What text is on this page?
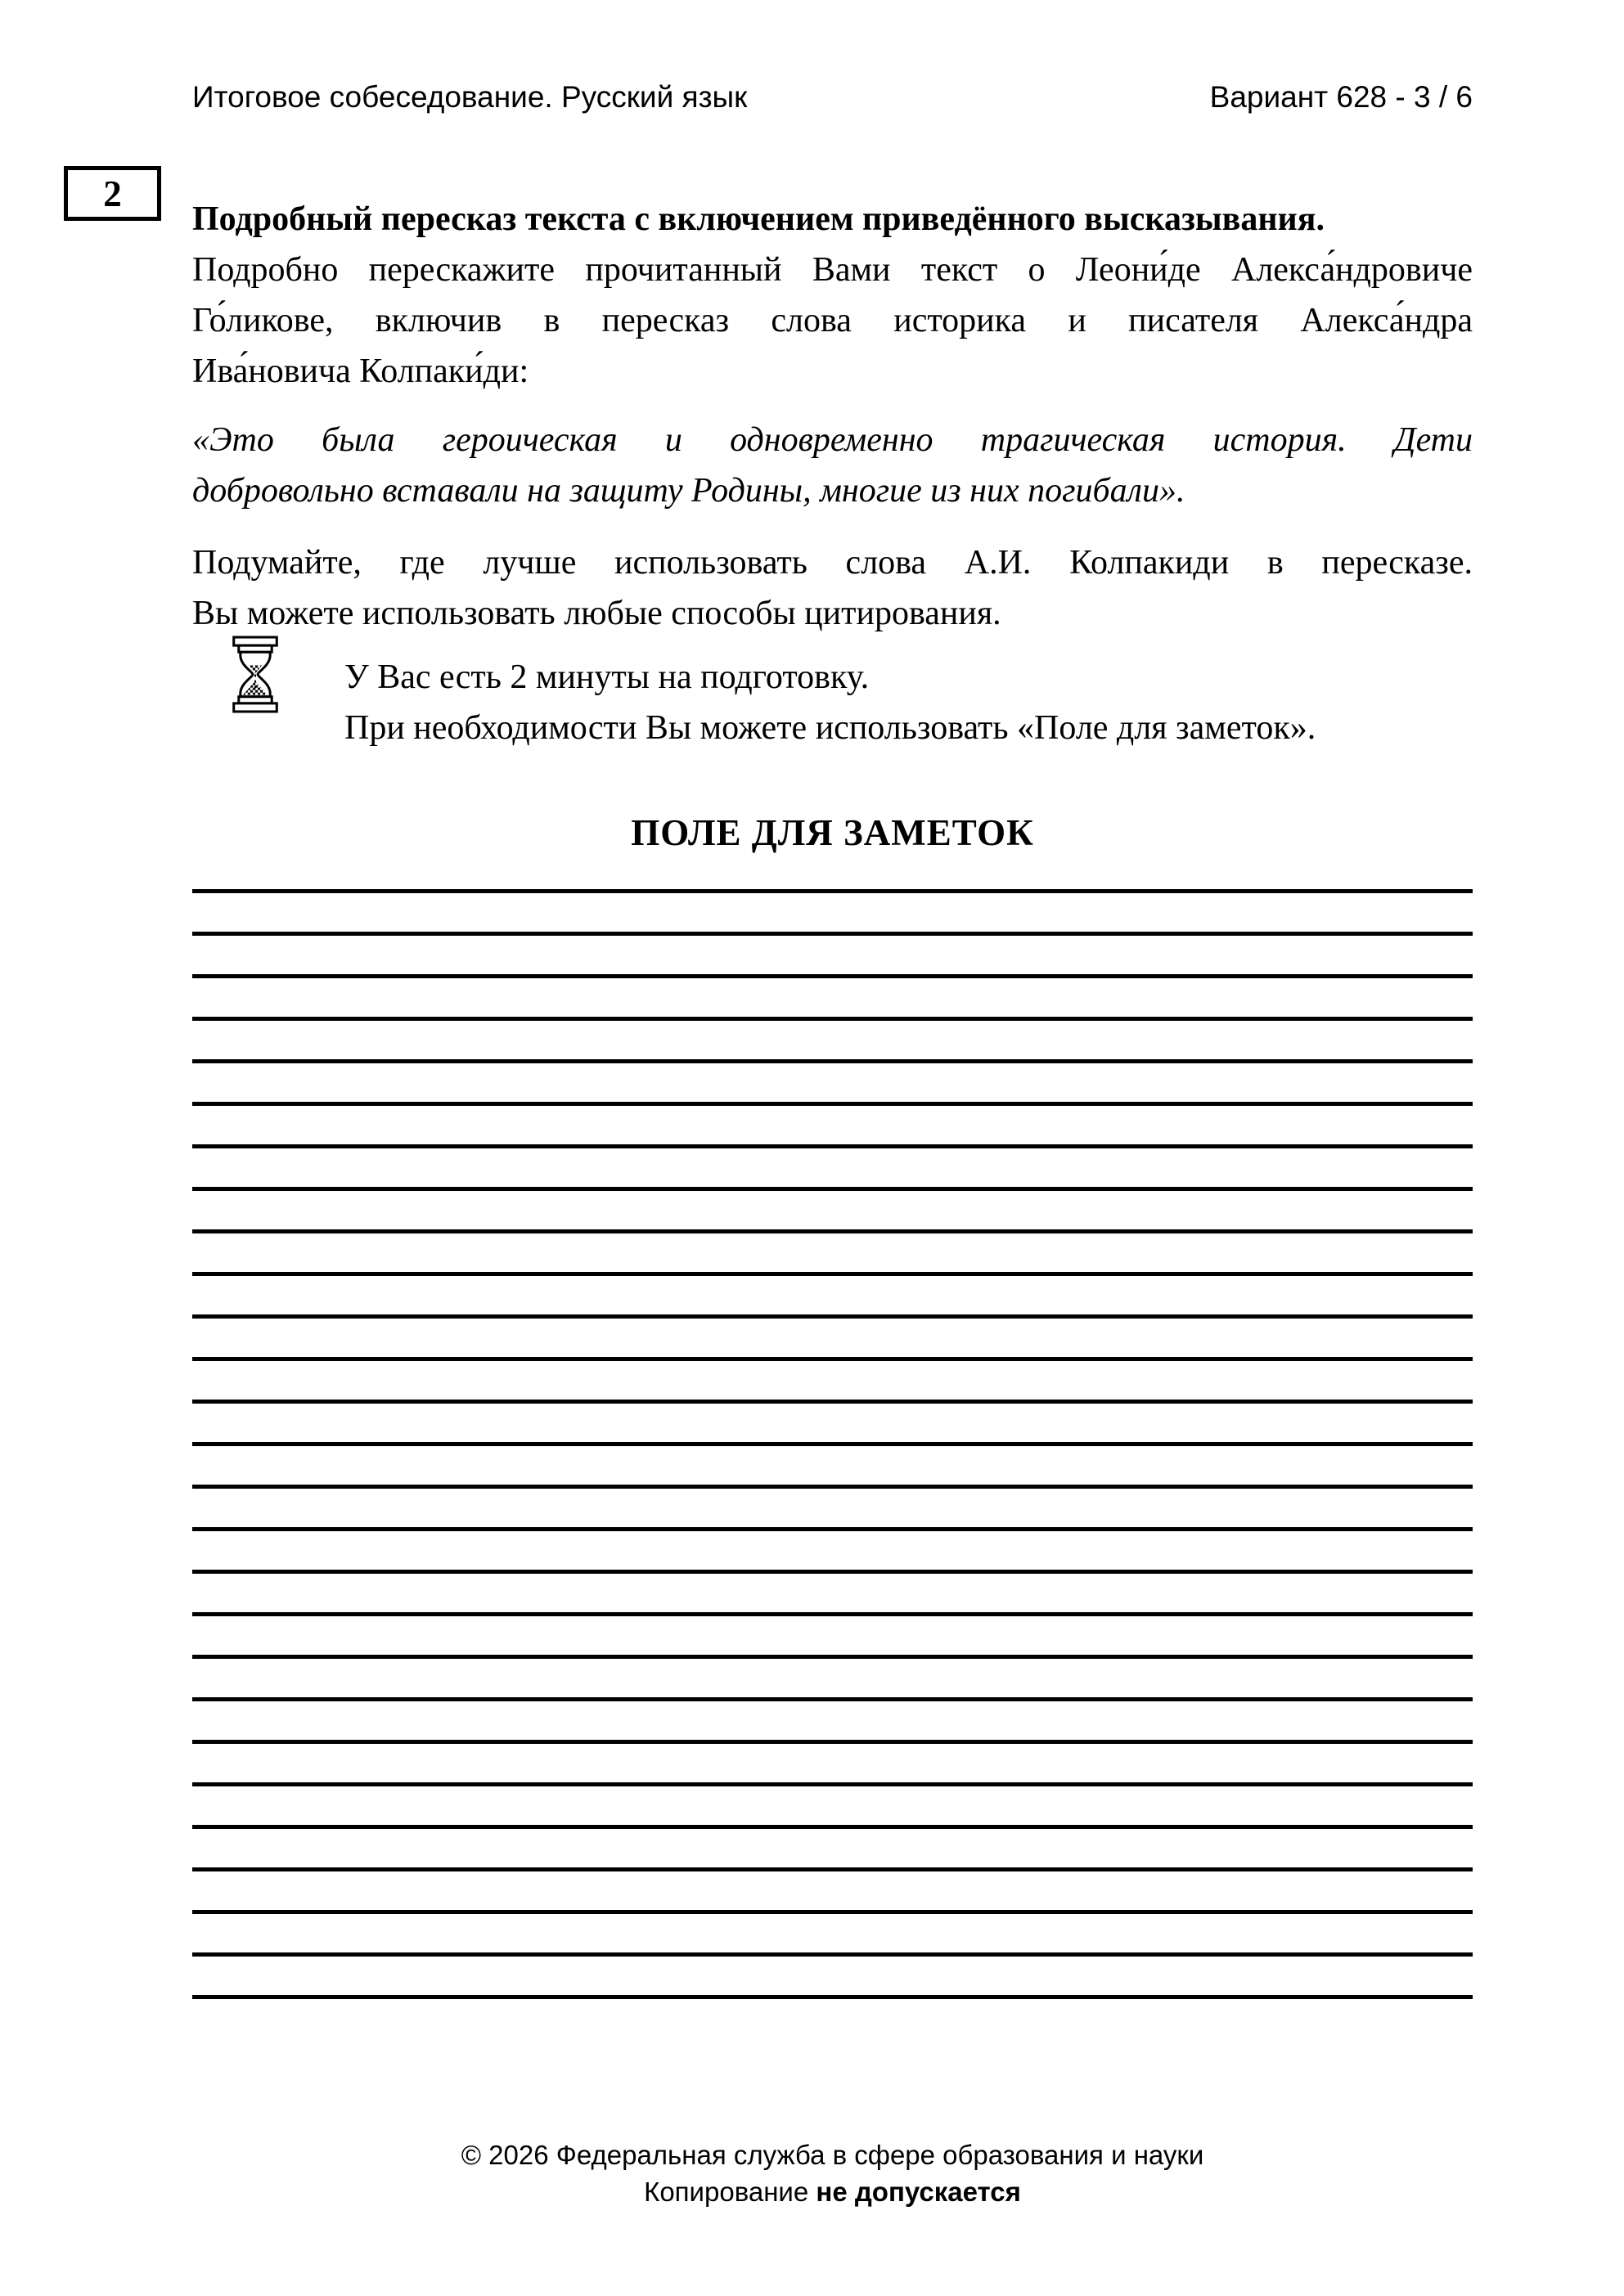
Итоговое собеседование. Русский язык	Вариант 628 - 3 / 6
2
Подробный пересказ текста с включением приведённого высказывания.
Подробно перескажите прочитанный Вами текст о Леони́де Алекса́ндровиче
Го́ликове, включив в пересказ слова историка и писателя Алекса́ндра
Ива́новича Колпаки́ди:
«Это была героическая и одновременно трагическая история. Дети
добровольно вставали на защиту Родины, многие из них погибали».
Подумайте, где лучше использовать слова А.И. Колпакиди в пересказе.
Вы можете использовать любые способы цитирования.
У Вас есть 2 минуты на подготовку.
При необходимости Вы можете использовать «Поле для заметок».
ПОЛЕ ДЛЯ ЗАМЕТОК
© 2026 Федеральная служба в сфере образования и науки
Копирование не допускается
